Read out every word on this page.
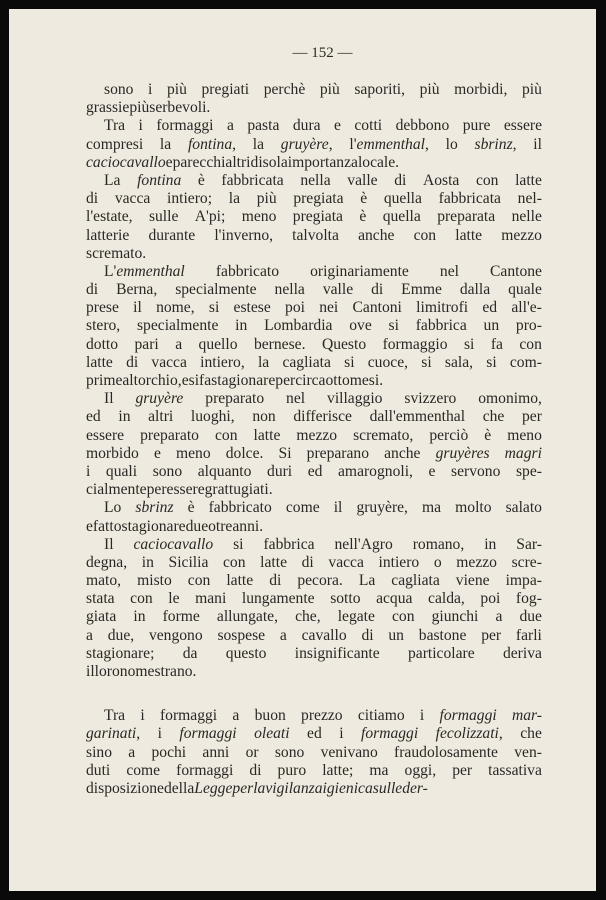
— 152 —
sono i più pregiati perchè più saporiti, più morbidi, più
grassi e più serbevoli.
Tra i formaggi a pasta dura e cotti debbono pure essere
compresi la fontina, la gruyère, l'emmenthal, lo sbrinz, il
caciocavallo e parecchi altri di sola importanza locale.
La fontina è fabbricata nella valle di Aosta con latte
di vacca intiero; la più pregiata è quella fabbricata nel-
l'estate, sulle A'pi; meno pregiata è quella preparata nelle
latterie durante l'inverno, talvolta anche con latte mezzo
scremato.
L'emmenthal fabbricato originariamente nel Cantone
di Berna, specialmente nella valle di Emme dalla quale
prese il nome, si estese poi nei Cantoni limitrofi ed all'e-
stero, specialmente in Lombardia ove si fabbrica un pro-
dotto pari a quello bernese. Questo formaggio si fa con
latte di vacca intiero, la cagliata si cuoce, si sala, si com-
prime al torchio, e si fa stagionare per circa otto mesi.
Il gruyère preparato nel villaggio svizzero omonimo,
ed in altri luoghi, non differisce dall'emmenthal che per
essere preparato con latte mezzo scremato, perciò è meno
morbido e meno dolce. Si preparano anche gruyères magri
i quali sono alquanto duri ed amarognoli, e servono spe-
cialmente per essere grattugiati.
Lo sbrinz è fabbricato come il gruyère, ma molto salato
e fatto stagionare due o tre anni.
Il caciocavallo si fabbrica nell'Agro romano, in Sar-
degna, in Sicilia con latte di vacca intiero o mezzo scre-
mato, misto con latte di pecora. La cagliata viene impa-
stata con le mani lungamente sotto acqua calda, poi fog-
giata in forme allungate, che, legate con giunchi a due
a due, vengono sospese a cavallo di un bastone per farli
stagionare; da questo insignificante particolare deriva
il loro nome strano.
Tra i formaggi a buon prezzo citiamo i formaggi mar-
garinati, i formaggi oleati ed i formaggi fecolizzati, che
sino a pochi anni or sono venivano fraudolosamente ven-
duti come formaggi di puro latte; ma oggi, per tassativa
disposizione della Legge per la vigilanza igienica sulle der-
